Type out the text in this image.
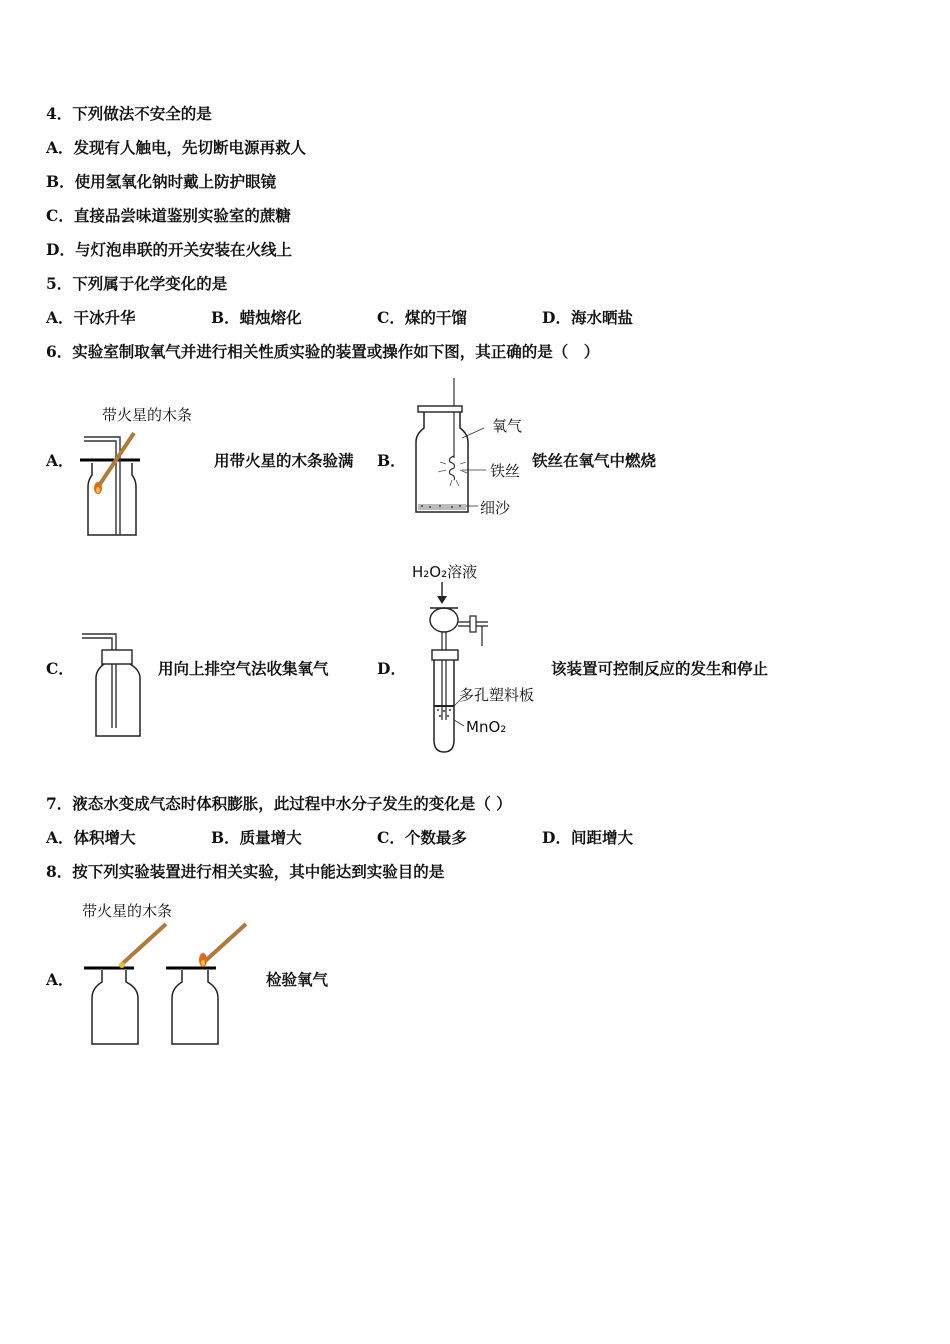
4．下列做法不安全的是
A．发现有人触电，先切断电源再救人
B．使用氢氧化钠时戴上防护眼镜
C．直接品尝味道鉴别实验室的蔗糖
D．与灯泡串联的开关安装在火线上
5．下列属于化学变化的是
A．干冰升华	B．蜡烛熔化	C．煤的干馏	D．海水晒盐
6．实验室制取氧气并进行相关性质实验的装置或操作如下图，其正确的是（　）
A．
带火星的木条
用带火星的木条验满 B．
氧气
铁丝
细沙
铁丝在氧气中燃烧
C．	用向上排空气法收集氧气	D．
H₂O₂溶液
多孔塑料板
MnO₂
该装置可控制反应的发生和停止
7．液态水变成气态时体积膨胀，此过程中水分子发生的变化是（ ）
A．体积增大	B．质量增大	C．个数最多	D．间距增大
8．按下列实验装置进行相关实验，其中能达到实验目的是
带火星的木条
A．	检验氧气
